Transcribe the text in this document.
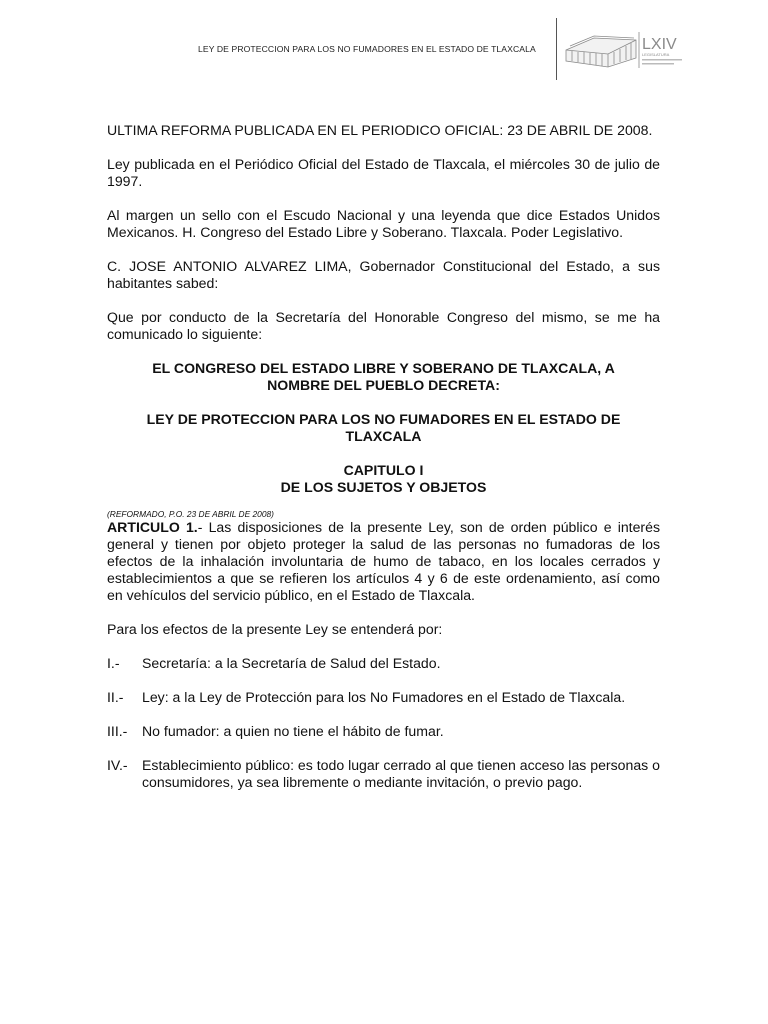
LEY DE PROTECCION PARA LOS NO FUMADORES EN EL ESTADO DE TLAXCALA	LXIV
LEGISLATURA

ULTIMA REFORMA PUBLICADA EN EL PERIODICO OFICIAL: 23 DE ABRIL DE 2008.

Ley publicada en el Periódico Oficial del Estado de Tlaxcala, el miércoles 30 de julio de 1997.

Al margen un sello con el Escudo Nacional y una leyenda que dice Estados Unidos Mexicanos. H. Congreso del Estado Libre y Soberano. Tlaxcala. Poder Legislativo.

C. JOSE ANTONIO ALVAREZ LIMA, Gobernador Constitucional del Estado, a sus habitantes sabed:

Que por conducto de la Secretaría del Honorable Congreso del mismo, se me ha comunicado lo siguiente:

EL CONGRESO DEL ESTADO LIBRE Y SOBERANO DE TLAXCALA, A NOMBRE DEL PUEBLO DECRETA:

LEY DE PROTECCION PARA LOS NO FUMADORES EN EL ESTADO DE TLAXCALA

CAPITULO I

DE LOS SUJETOS Y OBJETOS

(REFORMADO, P.O. 23 DE ABRIL DE 2008)

ARTICULO 1.- Las disposiciones de la presente Ley, son de orden público e interés general y tienen por objeto proteger la salud de las personas no fumadoras de los efectos de la inhalación involuntaria de humo de tabaco, en los locales cerrados y establecimientos a que se refieren los artículos 4 y 6 de este ordenamiento, así como en vehículos del servicio público, en el Estado de Tlaxcala.

Para los efectos de la presente Ley se entenderá por:

I.-	Secretaría: a la Secretaría de Salud del Estado.
II.-	Ley: a la Ley de Protección para los No Fumadores en el Estado de Tlaxcala.
III.-	No fumador: a quien no tiene el hábito de fumar.
IV.-	Establecimiento público: es todo lugar cerrado al que tienen acceso las personas o consumidores, ya sea libremente o mediante invitación, o previo pago.
